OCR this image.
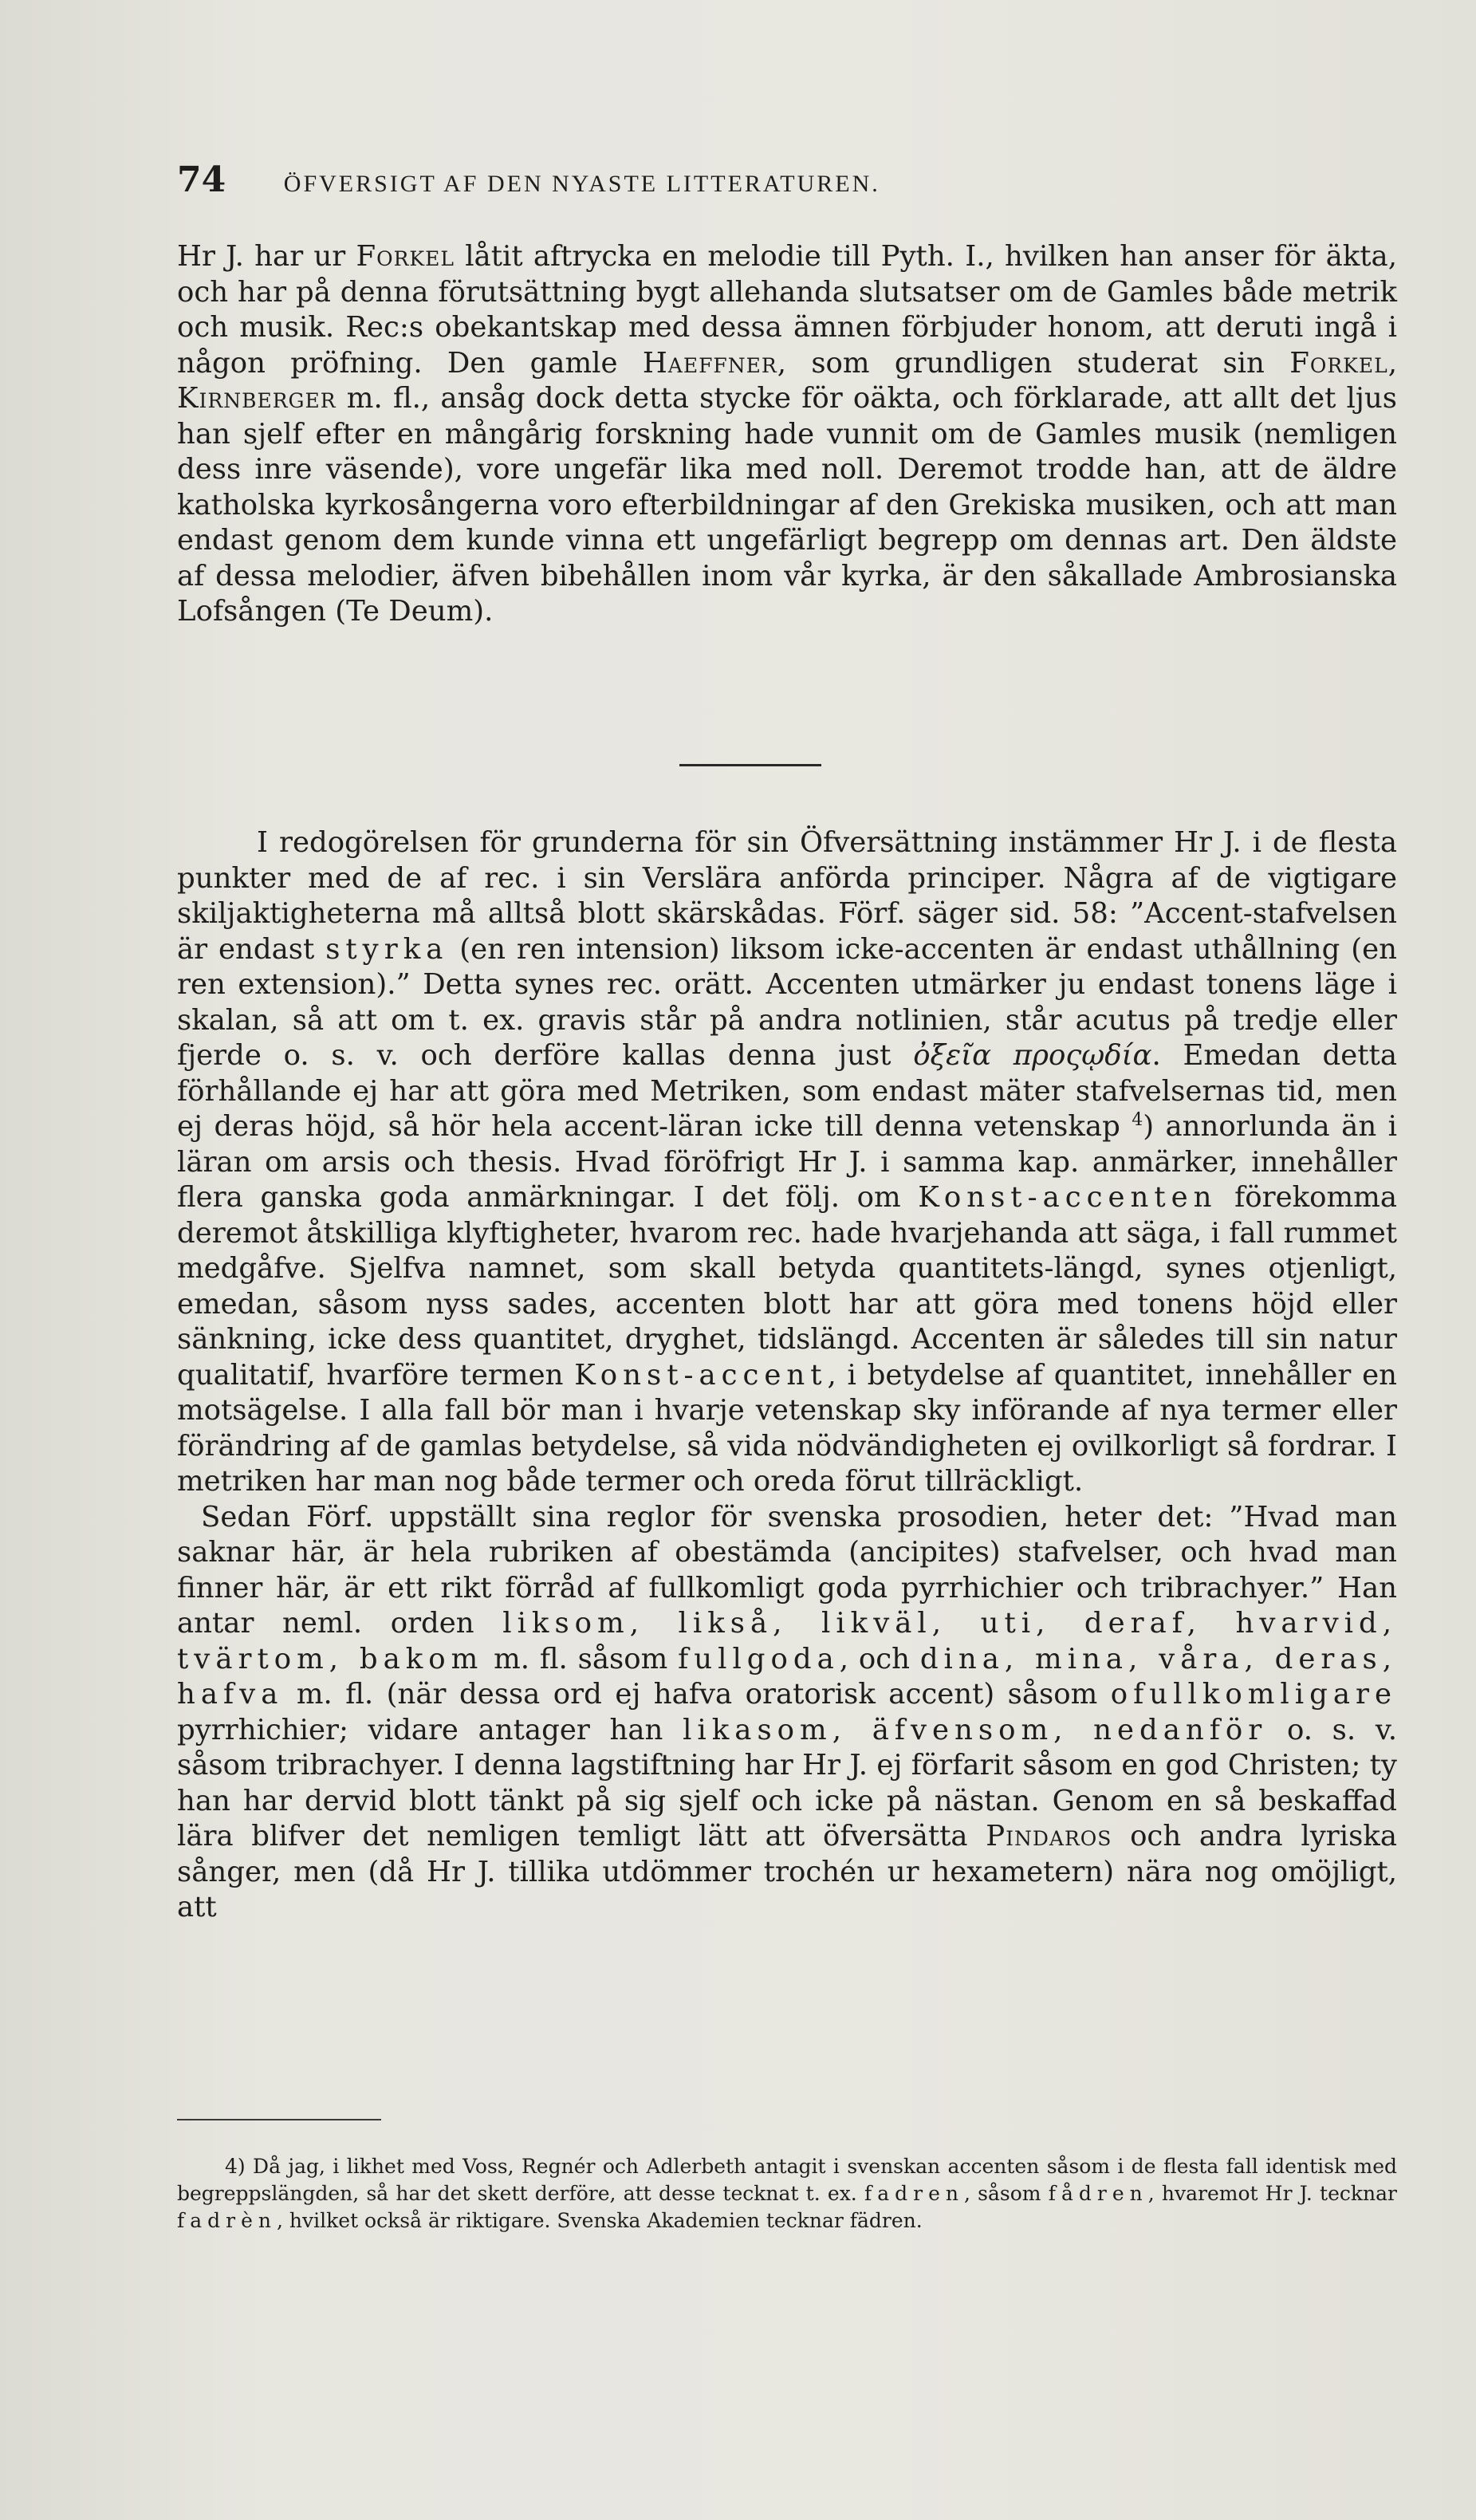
74 ÖFVERSIGT AF DEN NYASTE LITTERATUREN.

Hr J. har ur Forkel låtit aftrycka en melodie till Pyth. I., hvilken han anser för äkta, och har på denna förutsättning bygt allehanda slutsatser om de Gamles både metrik och musik. Rec:s obekantskap med dessa ämnen förbjuder honom, att deruti ingå i någon pröfning. Den gamle Haeffner, som grundligen studerat sin Forkel, Kirnberger m. fl., ansåg dock detta stycke för oäkta, och förklarade, att allt det ljus han sjelf efter en mångårig forskning hade vunnit om de Gamles musik (nemligen dess inre väsende), vore ungefär lika med noll. Deremot trodde han, att de äldre katholska kyrkosångerna voro efterbildningar af den Grekiska musiken, och att man endast genom dem kunde vinna ett ungefärligt begrepp om dennas art. Den äldste af dessa melodier, äfven bibehållen inom vår kyrka, är den såkallade Ambrosianska Lofsången (Te Deum).

I redogörelsen för grunderna för sin Öfversättning instämmer Hr J. i de flesta punkter med de af rec. i sin Verslära anförda principer. Några af de vigtigare skiljaktigheterna må alltså blott skärskådas. Förf. säger sid. 58: ”Accent-stafvelsen är endast styrka (en ren intension) liksom icke-accenten är endast uthållning (en ren extension).” Detta synes rec. orätt. Accenten utmärker ju endast tonens läge i skalan, så att om t. ex. gravis står på andra notlinien, står acutus på tredje eller fjerde o. s. v. och derföre kallas denna just ὀξεῖα προςῳδία. Emedan detta förhållande ej har att göra med Metriken, som endast mäter stafvelsernas tid, men ej deras höjd, så hör hela accent-läran icke till denna vetenskap $^4$) annorlunda än i läran om arsis och thesis. Hvad föröfrigt Hr J. i samma kap. anmärker, innehåller flera ganska goda anmärkningar. I det följ. om Konst-accenten förekomma deremot åtskilliga klyftigheter, hvarom rec. hade hvarjehanda att säga, i fall rummet medgåfve. Sjelfva namnet, som skall betyda quantitets-längd, synes otjenligt, emedan, såsom nyss sades, accenten blott har att göra med tonens höjd eller sänkning, icke dess quantitet, dryghet, tidslängd. Accenten är således till sin natur qualitatif, hvarföre termen Konst-accent, i betydelse af quantitet, innehåller en motsägelse. I alla fall bör man i hvarje vetenskap sky införande af nya termer eller förändring af de gamlas betydelse, så vida nödvändigheten ej ovilkorligt så fordrar. I metriken har man nog både termer och oreda förut tillräckligt.

Sedan Förf. uppställt sina reglor för svenska prosodien, heter det: ”Hvad man saknar här, är hela rubriken af obestämda (ancipites) stafvelser, och hvad man finner här, är ett rikt förråd af fullkomligt goda pyrrhichier och tribrachyer.” Han antar neml. orden liksom, likså, likväl, uti, deraf, hvarvid, tvärtom, bakom m. fl. såsom fullgoda, och dina, mina, våra, deras, hafva m. fl. (när dessa ord ej hafva oratorisk accent) såsom ofullkomligare pyrrhichier; vidare antager han likasom, äfvensom, nedanför o. s. v. såsom tribrachyer. I denna lagstiftning har Hr J. ej förfarit såsom en god Christen; ty han har dervid blott tänkt på sig sjelf och icke på nästan. Genom en så beskaffad lära blifver det nemligen temligt lätt att öfversätta Pindaros och andra lyriska sånger, men (då Hr J. tillika utdömmer trochén ur hexametern) nära nog omöjligt, att

4) Då jag, i likhet med Voss, Regnér och Adlerbeth antagit i svenskan accenten såsom i de flesta fall identisk med begreppslängden, så har det skett derföre, att desse tecknat t. ex. fadren, såsom fådren, hvaremot Hr J. tecknar fadrèn, hvilket också är riktigare. Svenska Akademien tecknar fädren.
